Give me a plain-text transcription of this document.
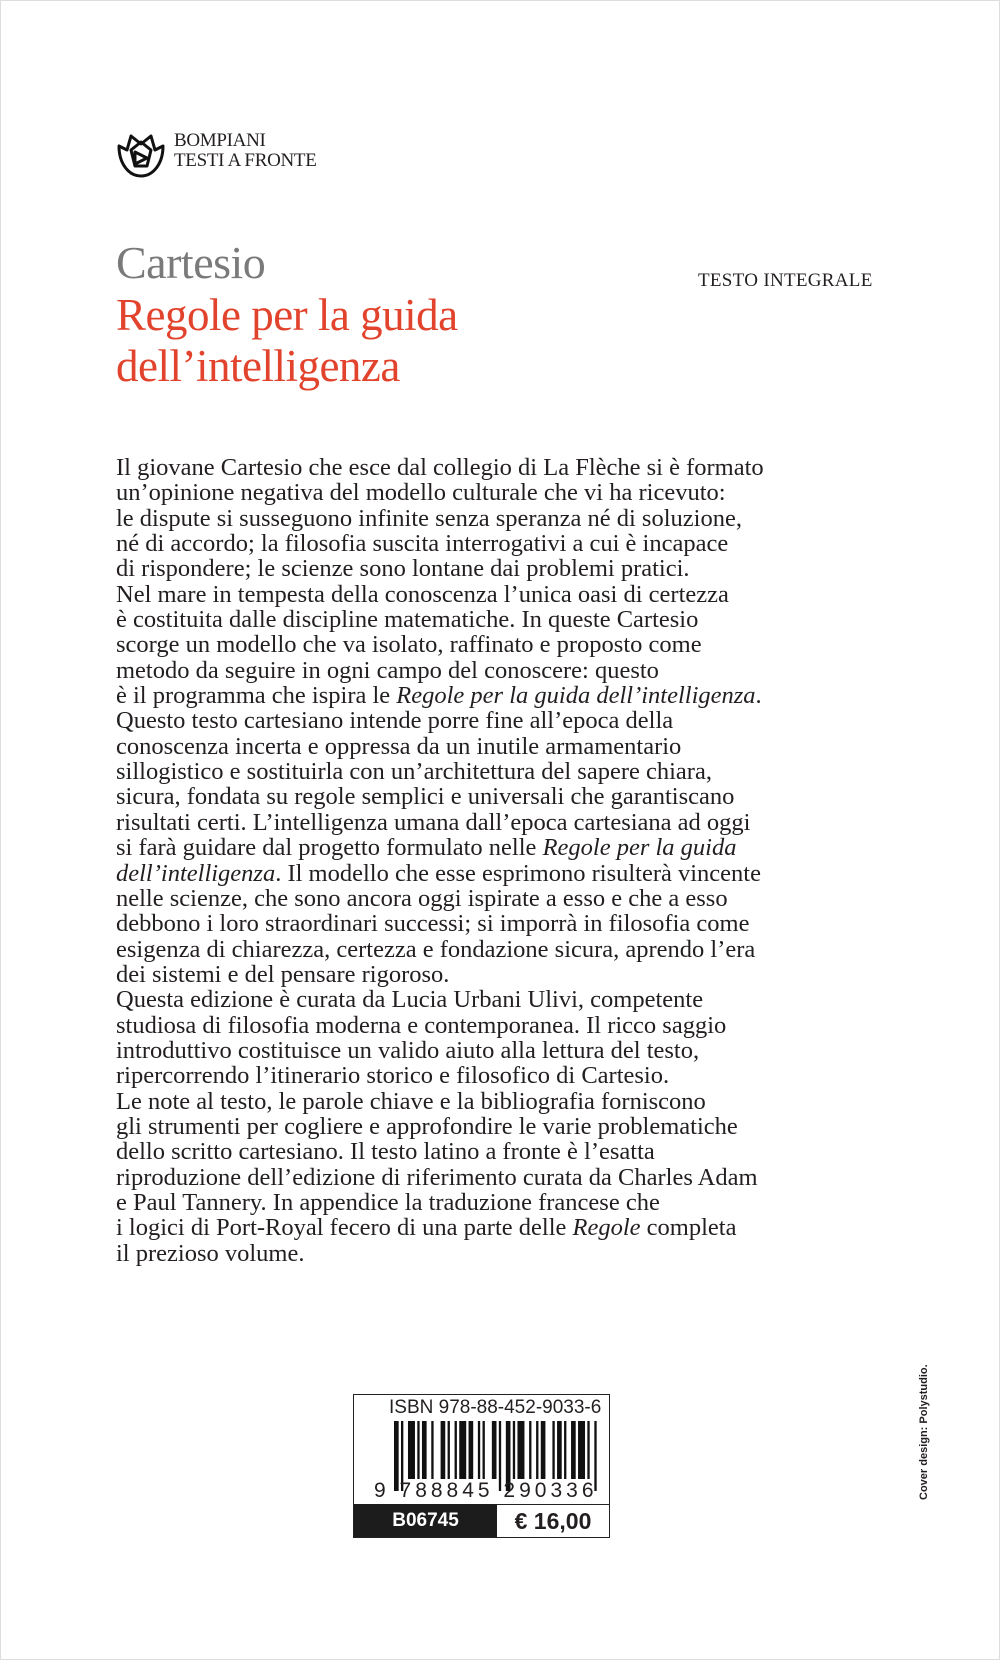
BOMPIANI
TESTI A FRONTE
Cartesio
Regole per la guida
dell’intelligenza
TESTO INTEGRALE
Il giovane Cartesio che esce dal collegio di La Flèche si è formato
un’opinione negativa del modello culturale che vi ha ricevuto:
le dispute si susseguono infinite senza speranza né di soluzione,
né di accordo; la filosofia suscita interrogativi a cui è incapace
di rispondere; le scienze sono lontane dai problemi pratici.
Nel mare in tempesta della conoscenza l’unica oasi di certezza
è costituita dalle discipline matematiche. In queste Cartesio
scorge un modello che va isolato, raffinato e proposto come
metodo da seguire in ogni campo del conoscere: questo
è il programma che ispira le Regole per la guida dell’intelligenza.
Questo testo cartesiano intende porre fine all’epoca della
conoscenza incerta e oppressa da un inutile armamentario
sillogistico e sostituirla con un’architettura del sapere chiara,
sicura, fondata su regole semplici e universali che garantiscano
risultati certi. L’intelligenza umana dall’epoca cartesiana ad oggi
si farà guidare dal progetto formulato nelle Regole per la guida
dell’intelligenza. Il modello che esse esprimono risulterà vincente
nelle scienze, che sono ancora oggi ispirate a esso e che a esso
debbono i loro straordinari successi; si imporrà in filosofia come
esigenza di chiarezza, certezza e fondazione sicura, aprendo l’era
dei sistemi e del pensare rigoroso.
Questa edizione è curata da Lucia Urbani Ulivi, competente
studiosa di filosofia moderna e contemporanea. Il ricco saggio
introduttivo costituisce un valido aiuto alla lettura del testo,
ripercorrendo l’itinerario storico e filosofico di Cartesio.
Le note al testo, le parole chiave e la bibliografia forniscono
gli strumenti per cogliere e approfondire le varie problematiche
dello scritto cartesiano. Il testo latino a fronte è l’esatta
riproduzione dell’edizione di riferimento curata da Charles Adam
e Paul Tannery. In appendice la traduzione francese che
i logici di Port-Royal fecero di una parte delle Regole completa
il prezioso volume.
ISBN 978-88-452-9033-6
9 788845 290336
B06745	€ 16,00
Cover design: Polystudio.
